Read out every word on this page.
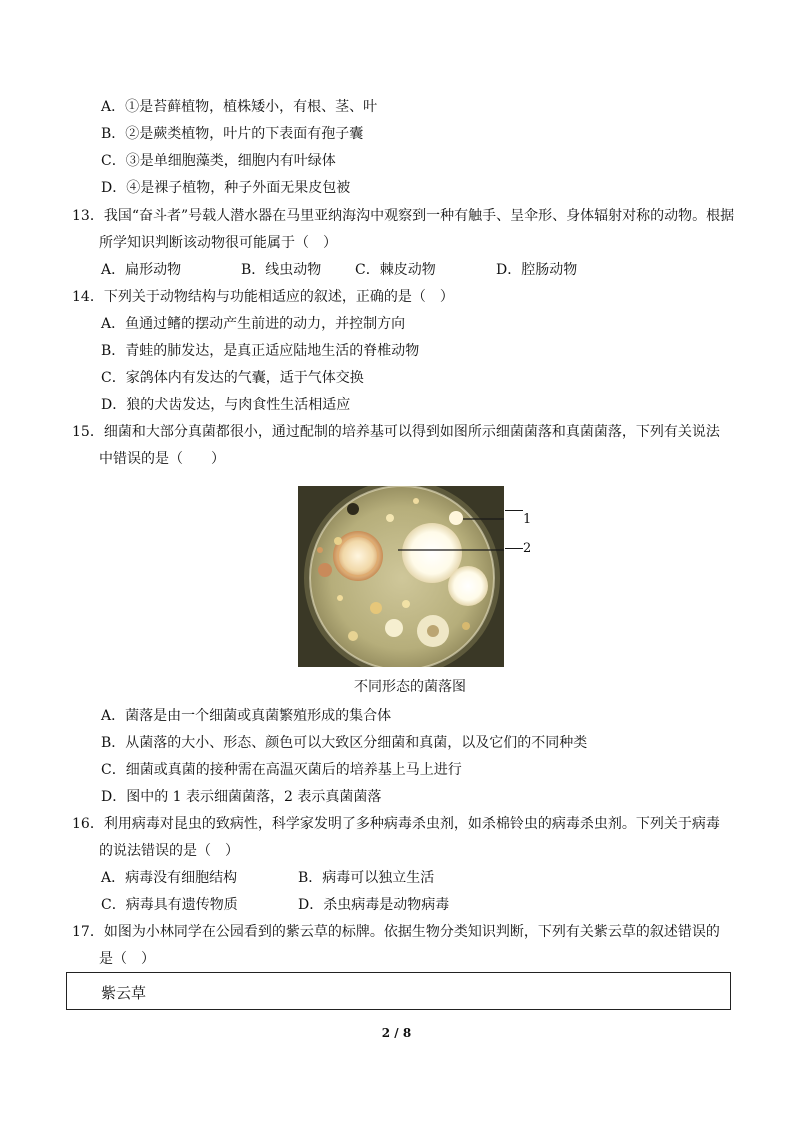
A．①是苔藓植物，植株矮小，有根、茎、叶
B．②是蕨类植物，叶片的下表面有孢子囊
C．③是单细胞藻类，细胞内有叶绿体
D．④是裸子植物，种子外面无果皮包被
13．我国“奋斗者”号载人潜水器在马里亚纳海沟中观察到一种有触手、呈伞形、身体辐射对称的动物。根据
所学知识判断该动物很可能属于（　）
A．扁形动物	B．线虫动物 C．棘皮动物	D．腔肠动物
14．下列关于动物结构与功能相适应的叙述，正确的是（　）
A．鱼通过鳍的摆动产生前进的动力，并控制方向
B．青蛙的肺发达，是真正适应陆地生活的脊椎动物
C．家鸽体内有发达的气囊，适于气体交换
D．狼的犬齿发达，与肉食性生活相适应
15．细菌和大部分真菌都很小，通过配制的培养基可以得到如图所示细菌菌落和真菌菌落，下列有关说法
中错误的是（　　）
1
2
不同形态的菌落图
A．菌落是由一个细菌或真菌繁殖形成的集合体
B．从菌落的大小、形态、颜色可以大致区分细菌和真菌，以及它们的不同种类
C．细菌或真菌的接种需在高温灭菌后的培养基上马上进行
D．图中的 1 表示细菌菌落，2 表示真菌菌落
16．利用病毒对昆虫的致病性，科学家发明了多种病毒杀虫剂，如杀棉铃虫的病毒杀虫剂。下列关于病毒
的说法错误的是（　）
A．病毒没有细胞结构	B．病毒可以独立生活
C．病毒具有遗传物质	D．杀虫病毒是动物病毒
17．如图为小林同学在公园看到的紫云草的标牌。依据生物分类知识判断，下列有关紫云草的叙述错误的
是（　）
紫云草
2 / 8
